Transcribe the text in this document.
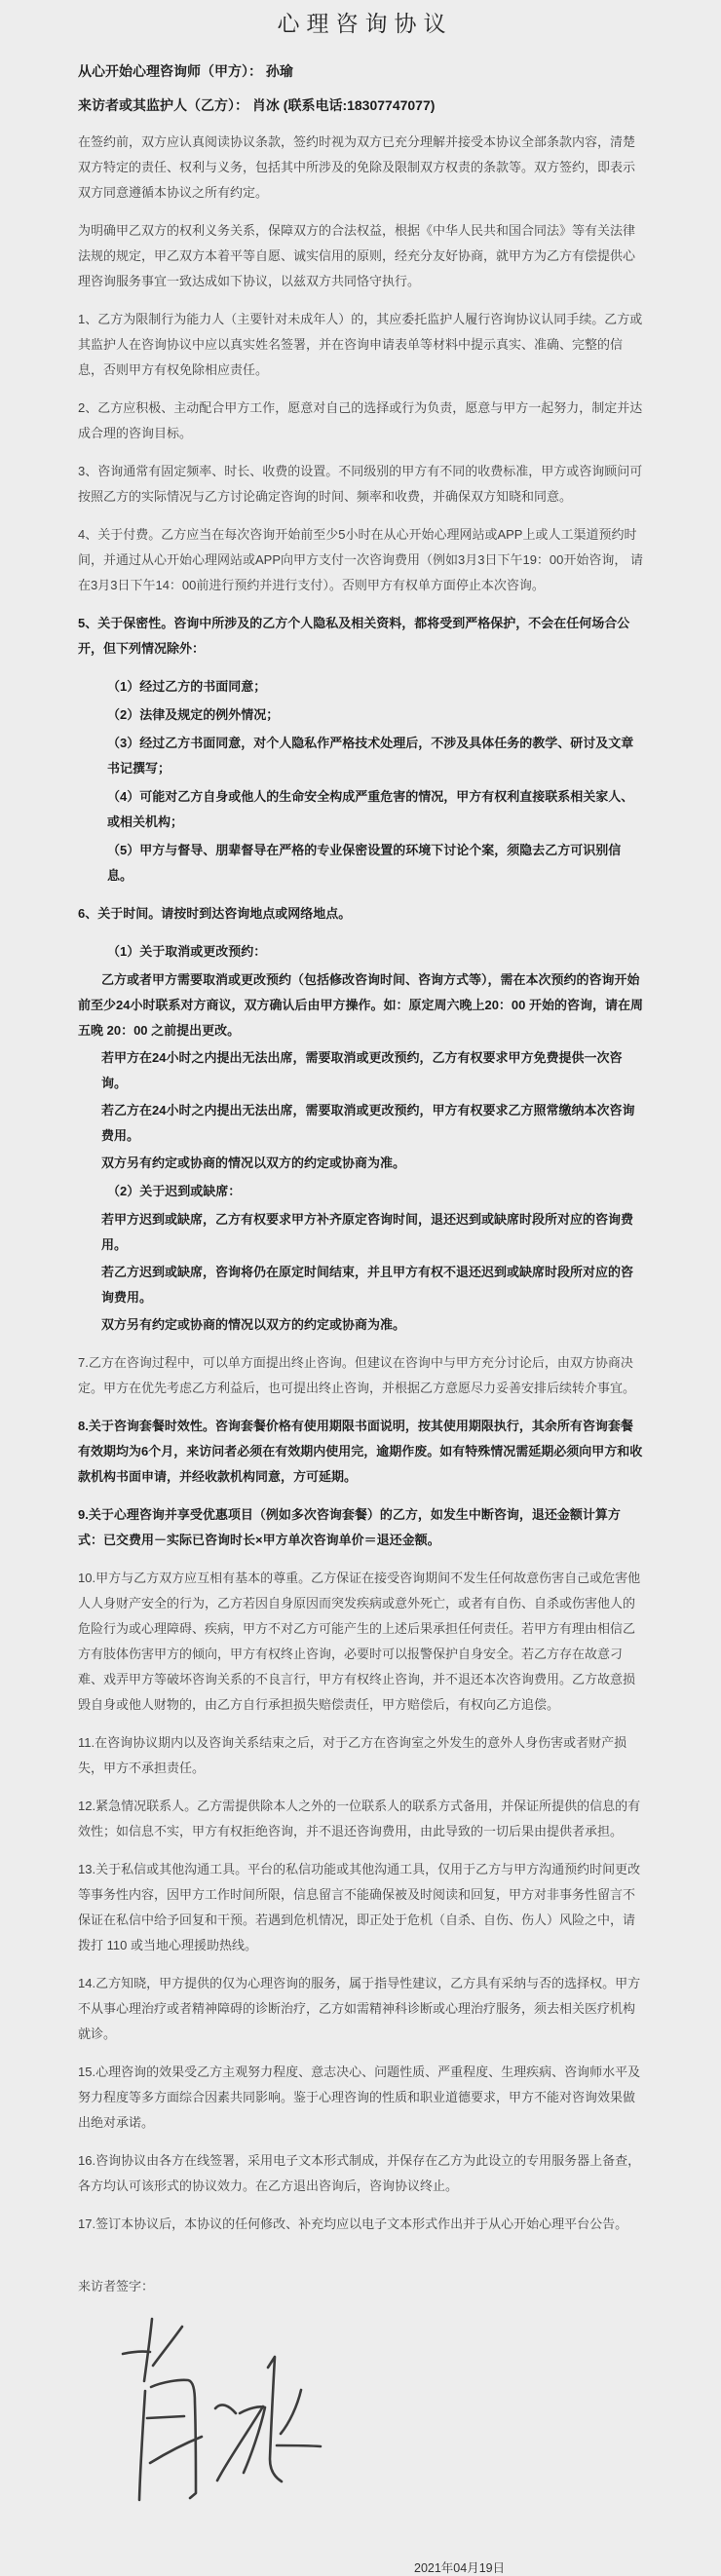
心理咨询协议

从心开始心理咨询师（甲方）： 孙瑜

来访者或其监护人（乙方）： 肖冰 (联系电话:18307747077)

在签约前，双方应认真阅读协议条款，签约时视为双方已充分理解并接受本协议全部条款内容，清楚双方特定的责任、权利与义务，包括其中所涉及的免除及限制双方权责的条款等。双方签约，即表示双方同意遵循本协议之所有约定。
为明确甲乙双方的权利义务关系，保障双方的合法权益，根据《中华人民共和国合同法》等有关法律法规的规定，甲乙双方本着平等自愿、诚实信用的原则，经充分友好协商，就甲方为乙方有偿提供心理咨询服务事宜一致达成如下协议，以兹双方共同恪守执行。
1、乙方为限制行为能力人（主要针对未成年人）的，其应委托监护人履行咨询协议认同手续。乙方或其监护人在咨询协议中应以真实姓名签署，并在咨询申请表单等材料中提示真实、准确、完整的信息，否则甲方有权免除相应责任。
2、乙方应积极、主动配合甲方工作，愿意对自己的选择或行为负责，愿意与甲方一起努力，制定并达成合理的咨询目标。
3、咨询通常有固定频率、时长、收费的设置。不同级别的甲方有不同的收费标准，甲方或咨询顾问可按照乙方的实际情况与乙方讨论确定咨询的时间、频率和收费，并确保双方知晓和同意。
4、关于付费。乙方应当在每次咨询开始前至少5小时在从心开始心理网站或APP上或人工渠道预约时间，并通过从心开始心理网站或APP向甲方支付一次咨询费用（例如3月3日下午19：00开始咨询， 请在3月3日下午14：00前进行预约并进行支付）。否则甲方有权单方面停止本次咨询。
5、关于保密性。咨询中所涉及的乙方个人隐私及相关资料，都将受到严格保护，不会在任何场合公开，但下列情况除外：
（1）经过乙方的书面同意；
（2）法律及规定的例外情况；
（3）经过乙方书面同意，对个人隐私作严格技术处理后，不涉及具体任务的教学、研讨及文章书记撰写；
（4）可能对乙方自身或他人的生命安全构成严重危害的情况，甲方有权利直接联系相关家人、或相关机构；
（5）甲方与督导、朋辈督导在严格的专业保密设置的环境下讨论个案，须隐去乙方可识别信息。
6、关于时间。请按时到达咨询地点或网络地点。
（1）关于取消或更改预约：
乙方或者甲方需要取消或更改预约（包括修改咨询时间、咨询方式等），需在本次预约的咨询开始前至少24小时联系对方商议，双方确认后由甲方操作。如：原定周六晚上20：00 开始的咨询，请在周五晚 20：00 之前提出更改。
若甲方在24小时之内提出无法出席，需要取消或更改预约，乙方有权要求甲方免费提供一次咨询。
若乙方在24小时之内提出无法出席，需要取消或更改预约，甲方有权要求乙方照常缴纳本次咨询费用。
双方另有约定或协商的情况以双方的约定或协商为准。
（2）关于迟到或缺席：
若甲方迟到或缺席，乙方有权要求甲方补齐原定咨询时间，退还迟到或缺席时段所对应的咨询费用。
若乙方迟到或缺席，咨询将仍在原定时间结束，并且甲方有权不退还迟到或缺席时段所对应的咨询费用。
双方另有约定或协商的情况以双方的约定或协商为准。
7.乙方在咨询过程中，可以单方面提出终止咨询。但建议在咨询中与甲方充分讨论后，由双方协商决定。甲方在优先考虑乙方利益后，也可提出终止咨询，并根据乙方意愿尽力妥善安排后续转介事宜。
8.关于咨询套餐时效性。咨询套餐价格有使用期限书面说明，按其使用期限执行，其余所有咨询套餐有效期均为6个月，来访问者必须在有效期内使用完，逾期作废。如有特殊情况需延期必须向甲方和收款机构书面申请，并经收款机构同意，方可延期。
9.关于心理咨询并享受优惠项目（例如多次咨询套餐）的乙方，如发生中断咨询，退还金额计算方式：已交费用－实际已咨询时长×甲方单次咨询单价＝退还金额。
10.甲方与乙方双方应互相有基本的尊重。乙方保证在接受咨询期间不发生任何故意伤害自己或危害他人人身财产安全的行为，乙方若因自身原因而突发疾病或意外死亡，或者有自伤、自杀或伤害他人的危险行为或心理障碍、疾病，甲方不对乙方可能产生的上述后果承担任何责任。若甲方有理由相信乙方有肢体伤害甲方的倾向，甲方有权终止咨询，必要时可以报警保护自身安全。若乙方存在故意刁难、戏弄甲方等破坏咨询关系的不良言行，甲方有权终止咨询，并不退还本次咨询费用。乙方故意损毁自身或他人财物的，由乙方自行承担损失赔偿责任，甲方赔偿后，有权向乙方追偿。
11.在咨询协议期内以及咨询关系结束之后，对于乙方在咨询室之外发生的意外人身伤害或者财产损失，甲方不承担责任。
12.紧急情况联系人。乙方需提供除本人之外的一位联系人的联系方式备用，并保证所提供的信息的有效性；如信息不实，甲方有权拒绝咨询，并不退还咨询费用，由此导致的一切后果由提供者承担。
13.关于私信或其他沟通工具。平台的私信功能或其他沟通工具，仅用于乙方与甲方沟通预约时间更改等事务性内容，因甲方工作时间所限，信息留言不能确保被及时阅读和回复，甲方对非事务性留言不保证在私信中给予回复和干预。若遇到危机情况，即正处于危机（自杀、自伤、伤人）风险之中，请拨打 110 或当地心理援助热线。
14.乙方知晓，甲方提供的仅为心理咨询的服务，属于指导性建议，乙方具有采纳与否的选择权。甲方不从事心理治疗或者精神障碍的诊断治疗，乙方如需精神科诊断或心理治疗服务，须去相关医疗机构就诊。
15.心理咨询的效果受乙方主观努力程度、意志决心、问题性质、严重程度、生理疾病、咨询师水平及努力程度等多方面综合因素共同影响。鉴于心理咨询的性质和职业道德要求，甲方不能对咨询效果做出绝对承诺。
16.咨询协议由各方在线签署，采用电子文本形式制成，并保存在乙方为此设立的专用服务器上备查，各方均认可该形式的协议效力。在乙方退出咨询后，咨询协议终止。
17.签订本协议后，本协议的任何修改、补充均应以电子文本形式作出并于从心开始心理平台公告。

来访者签字：

2021年04月19日
